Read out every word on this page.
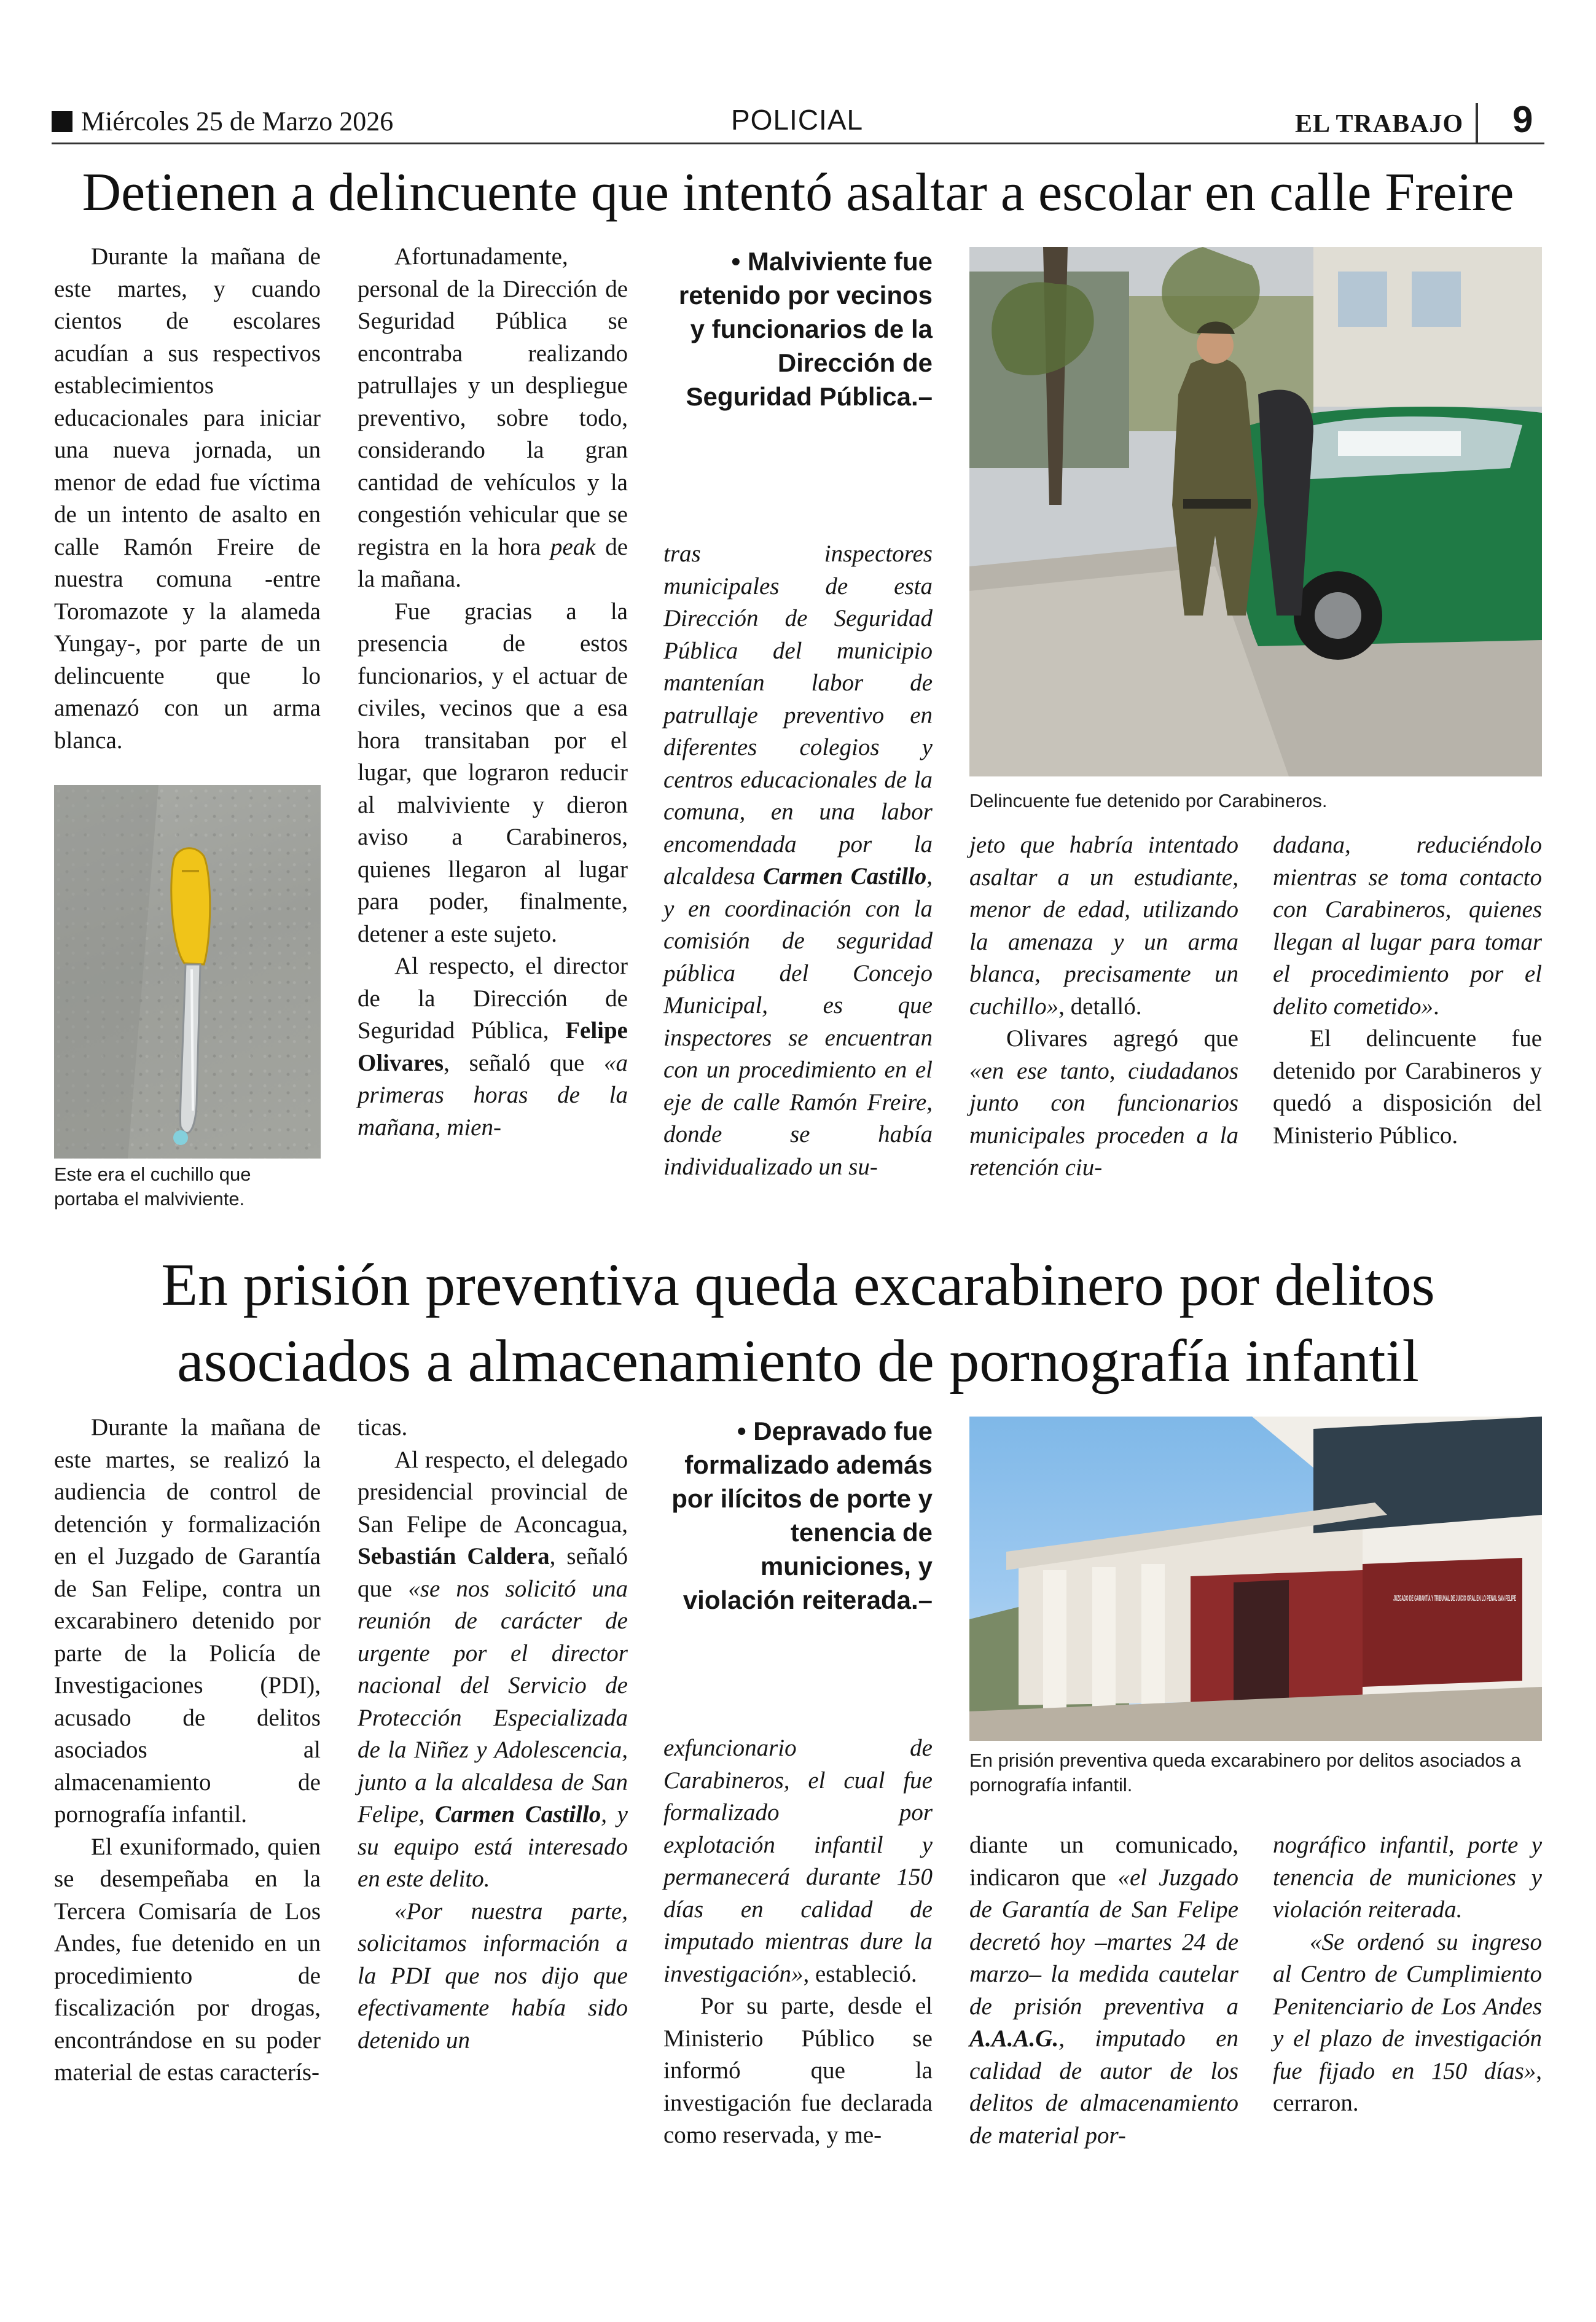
Miércoles 25 de Marzo 2026	POLICIAL	EL TRABAJO 9
Detienen a delincuente que intentó asaltar a escolar en calle Freire

Durante la mañana de este martes, y cuando cientos de escolares acudían a sus respectivos establecimientos educacionales para iniciar una nueva jornada, un menor de edad fue víctima de un intento de asalto en calle Ramón Freire de nuestra comuna -entre Toromazote y la alameda Yungay-, por parte de un delincuente que lo amenazó con un arma blanca.

Este era el cuchillo que portaba el malviviente.

Afortunadamente, personal de la Dirección de Seguridad Pública se encontraba realizando patrullajes y un despliegue preventivo, sobre todo, considerando la gran cantidad de vehículos y la congestión vehicular que se registra en la hora peak de la mañana.

Fue gracias a la presencia de estos funcionarios, y el actuar de civiles, vecinos que a esa hora transitaban por el lugar, que lograron reducir al malviviente y dieron aviso a Carabineros, quienes llegaron al lugar para poder, finalmente, detener a este sujeto.

Al respecto, el director de la Dirección de Seguridad Pública, Felipe Olivares, señaló que «a primeras horas de la mañana, mien-

• Malviviente fue retenido por vecinos y funcionarios de la Dirección de Seguridad Pública.–

tras inspectores municipales de esta Dirección de Seguridad Pública del municipio mantenían labor de patrullaje preventivo en diferentes colegios y centros educacionales de la comuna, en una labor encomendada por la alcaldesa Carmen Castillo, y en coordinación con la comisión de seguridad pública del Concejo Municipal, es que inspectores se encuentran con un procedimiento en el eje de calle Ramón Freire, donde se había individualizado un su-

Delincuente fue detenido por Carabineros.

jeto que habría intentado asaltar a un estudiante, menor de edad, utilizando la amenaza y un arma blanca, precisamente un cuchillo», detalló.

Olivares agregó que «en ese tanto, ciudadanos junto con funcionarios municipales proceden a la retención ciu-

dadana, reduciéndolo mientras se toma contacto con Carabineros, quienes llegan al lugar para tomar el procedimiento por el delito cometido».

El delincuente fue detenido por Carabineros y quedó a disposición del Ministerio Público.

En prisión preventiva queda excarabinero por delitos asociados a almacenamiento de pornografía infantil

Durante la mañana de este martes, se realizó la audiencia de control de detención y formalización en el Juzgado de Garantía de San Felipe, contra un excarabinero detenido por parte de la Policía de Investigaciones (PDI), acusado de delitos asociados al almacenamiento de pornografía infantil.

El exuniformado, quien se desempeñaba en la Tercera Comisaría de Los Andes, fue detenido en un procedimiento de fiscalización por drogas, encontrándose en su poder material de estas caracterís-

ticas.

Al respecto, el delegado presidencial provincial de San Felipe de Aconcagua, Sebastián Caldera, señaló que «se nos solicitó una reunión de carácter de urgente por el director nacional del Servicio de Protección Especializada de la Niñez y Adolescencia, junto a la alcaldesa de San Felipe, Carmen Castillo, y su equipo está interesado en este delito.

«Por nuestra parte, solicitamos información a la PDI que nos dijo que efectivamente había sido detenido un

• Depravado fue formalizado además por ilícitos de porte y tenencia de municiones, y violación reiterada.–

exfuncionario de Carabineros, el cual fue formalizado por explotación infantil y permanecerá durante 150 días en calidad de imputado mientras dure la investigación», estableció.

Por su parte, desde el Ministerio Público se informó que la investigación fue declarada como reservada, y me-

JUZGADO DE GARANTÍA Y TRIBUNAL DE JUICIO ORAL EN LO PENAL SAN FELIPE
En prisión preventiva queda excarabinero por delitos asociados a pornografía infantil.

diante un comunicado, indicaron que «el Juzgado de Garantía de San Felipe decretó hoy –martes 24 de marzo– la medida cautelar de prisión preventiva a A.A.A.G., imputado en calidad de autor de los delitos de almacenamiento de material por-

nográfico infantil, porte y tenencia de municiones y violación reiterada.

«Se ordenó su ingreso al Centro de Cumplimiento Penitenciario de Los Andes y el plazo de investigación fue fijado en 150 días», cerraron.
